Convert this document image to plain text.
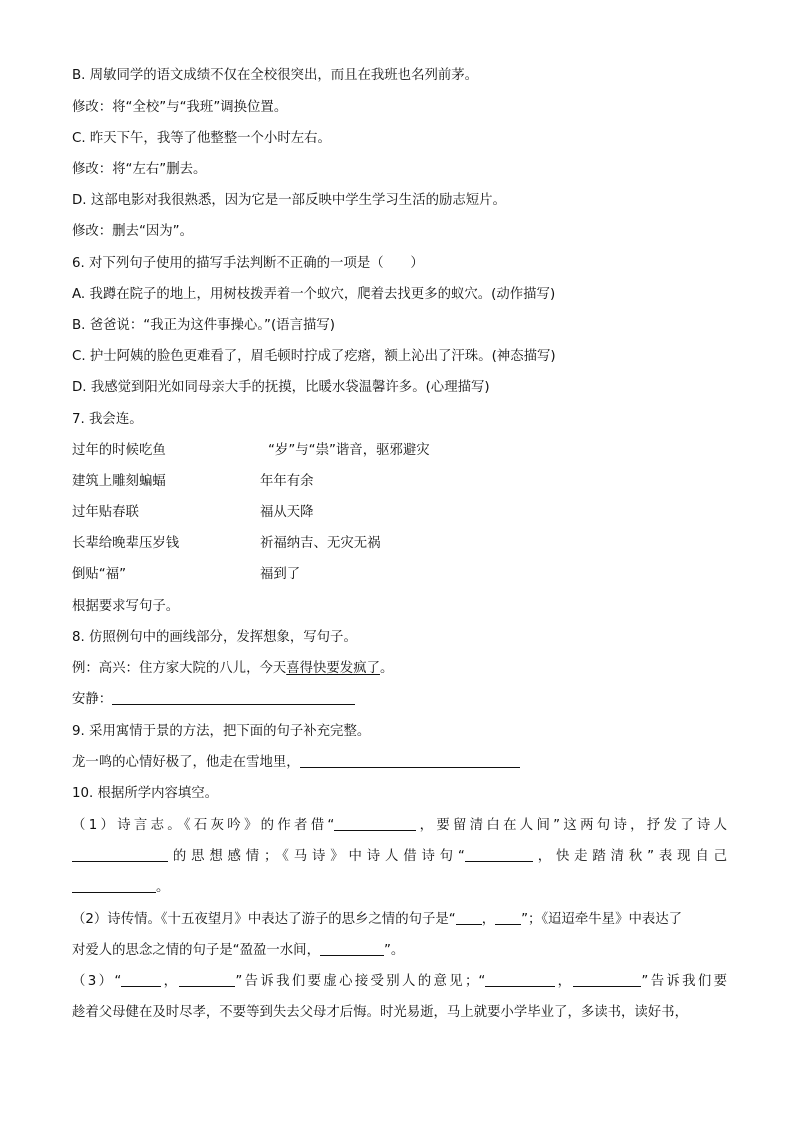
B. 周敏同学的语文成绩不仅在全校很突出，而且在我班也名列前茅。
修改：将“全校”与“我班”调换位置。
C. 昨天下午，我等了他整整一个小时左右。
修改：将“左右”删去。
D. 这部电影对我很熟悉，因为它是一部反映中学生学习生活的励志短片。
修改：删去“因为”。
6. 对下列句子使用的描写手法判断不正确的一项是（　　）
A. 我蹲在院子的地上，用树枝拨弄着一个蚁穴，爬着去找更多的蚁穴。(动作描写)
B. 爸爸说：“我正为这件事操心。”(语言描写)
C. 护士阿姨的脸色更难看了，眉毛顿时拧成了疙瘩，额上沁出了汗珠。(神态描写)
D. 我感觉到阳光如同母亲大手的抚摸，比暖水袋温馨许多。(心理描写)
7. 我会连。
过年的时候吃鱼	“岁”与“祟”谐音，驱邪避灾
建筑上雕刻蝙蝠	年年有余
过年贴春联	福从天降
长辈给晚辈压岁钱	祈福纳吉、无灾无祸
倒贴“福”	福到了
根据要求写句子。
8. 仿照例句中的画线部分，发挥想象，写句子。
例：高兴：住方家大院的八儿，今天喜得快要发疯了。
安静：
9. 采用寓情于景的方法，把下面的句子补充完整。
龙一鸣的心情好极了，他走在雪地里，
10. 根据所学内容填空。
（1）诗言志。《石灰吟》的作者借“	，要留清白在人间”这两句诗，抒发了诗人
的思想感情；《马诗》中诗人借诗句“	，快走踏清秋”表现自己
。
（2）诗传情。《十五夜望月》中表达了游子的思乡之情的句子是“ ， ”；《迢迢牵牛星》中表达了
对爱人的思念之情的句子是“盈盈一水间，	”。
（3）“	，	”告诉我们要虚心接受别人的意见；“	，	”告诉我们要
趁着父母健在及时尽孝，不要等到失去父母才后悔。时光易逝，马上就要小学毕业了，多读书，读好书，
